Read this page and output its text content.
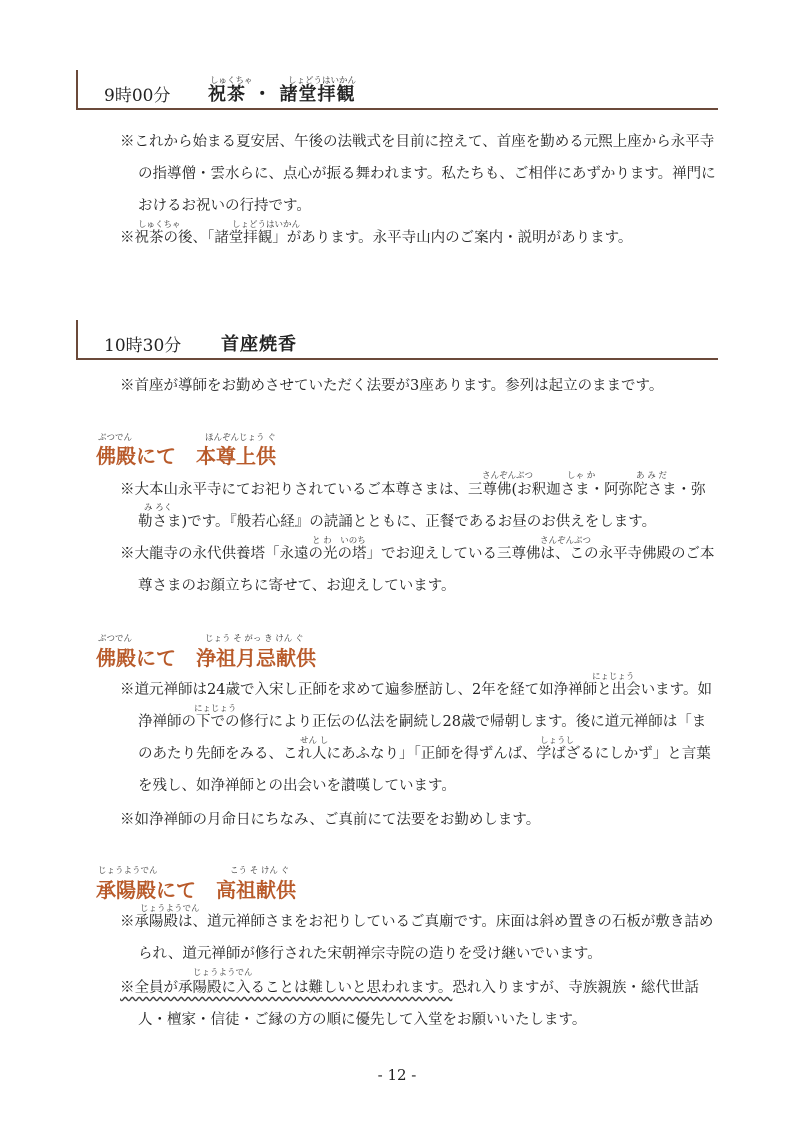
9時00分 祝茶 ・ 諸堂拝観
しゅくちゃ	しょどうはいかん
※これから始まる夏安居、午後の法戦式を目前に控えて、首座を勤める元煕上座から永平寺の指導僧・雲水らに、点心が振る舞われます。私たちも、ご相伴にあずかります。禅門におけるお祝いの行持です。
しゅくちゃ	しょどうはいかん
※祝茶の後、「諸堂拝観」があります。永平寺山内のご案内・説明があります。
10時30分 首座焼香
※首座が導師をお勤めさせていただく法要が3座あります。参列は起立のままです。
ぶつでん	ほんぞんじょう ぐ
佛殿にて　本尊上供
さんぞんぶつ	しゃ か	あ み だ
み ろく
※大本山永平寺にてお祀りされているご本尊さまは、三尊佛(お釈迦さま・阿弥陀さま・弥勒さま)です。『般若心経』の読誦とともに、正餐であるお昼のお供えをします。
と わ　いのち	さんぞんぶつ
※大龍寺の永代供養塔「永遠の光の塔」でお迎えしている三尊佛は、この永平寺佛殿のご本尊さまのお顔立ちに寄せて、お迎えしています。
ぶつでん	じょう そ がっ き けん ぐ
佛殿にて　浄祖月忌献供
にょじょう
にょじょう
せん し	しょうし
※道元禅師は24歳で入宋し正師を求めて遍参歴訪し、2年を経て如浄禅師と出会います。如浄禅師の下での修行により正伝の仏法を嗣続し28歳で帰朝します。後に道元禅師は「まのあたり先師をみる、これ人にあふなり」「正師を得ずんば、学ばざるにしかず」と言葉を残し、如浄禅師との出会いを讃嘆しています。
※如浄禅師の月命日にちなみ、ご真前にて法要をお勤めします。
じょうようでん	こう そ けん ぐ
承陽殿にて　高祖献供
じょうようでん
※承陽殿は、道元禅師さまをお祀りしているご真廟です。床面は斜め置きの石板が敷き詰められ、道元禅師が修行された宋朝禅宗寺院の造りを受け継いでいます。
じょうようでん
※全員が承陽殿に入ることは難しいと思われます。恐れ入りますが、寺族親族・総代世話人・檀家・信徒・ご縁の方の順に優先して入堂をお願いいたします。
- 12 -
